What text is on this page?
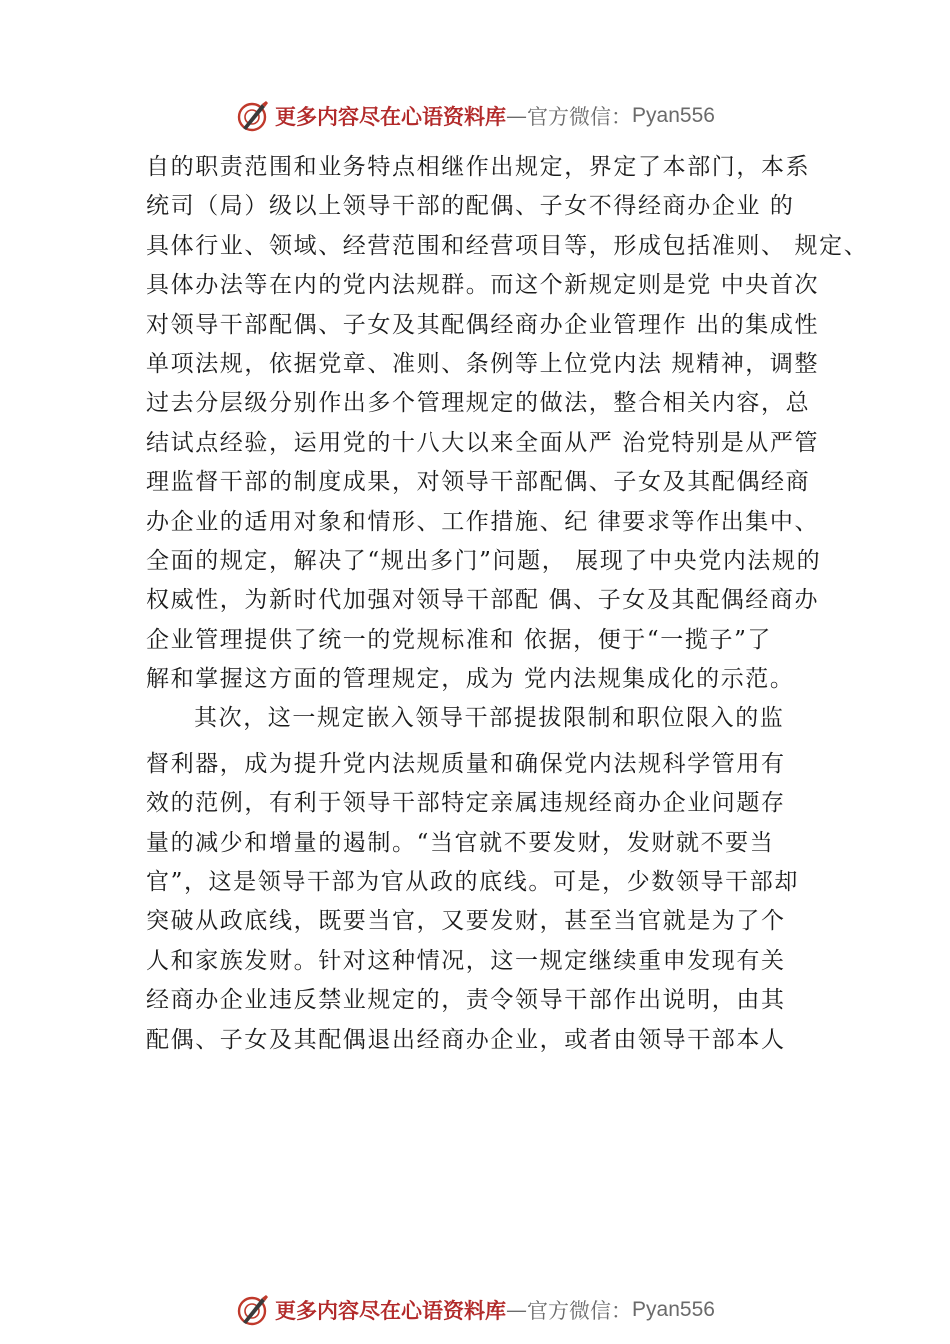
更多内容尽在心语资料库 — 官方微信： Pyan556
自的职责范围和业务特点相继作出规定，界定了本部门，本系
统司（局）级以上领导干部的配偶、子女不得经商办企业 的
具体行业、领域、经营范围和经营项目等，形成包括准则、 规定、
具体办法等在内的党内法规群。而这个新规定则是党 中央首次
对领导干部配偶、子女及其配偶经商办企业管理作 出的集成性
单项法规，依据党章、准则、条例等上位党内法 规精神，调整
过去分层级分别作出多个管理规定的做法，整合相关内容，总
结试点经验，运用党的十八大以来全面从严 治党特别是从严管
理监督干部的制度成果，对领导干部配偶、子女及其配偶经商
办企业的适用对象和情形、工作措施、纪 律要求等作出集中、
全面的规定，解决了“规出多门”问题， 展现了中央党内法规的
权威性，为新时代加强对领导干部配 偶、子女及其配偶经商办
企业管理提供了统一的党规标准和 依据，便于“一揽子”了
解和掌握这方面的管理规定，成为 党内法规集成化的示范。
其次，这一规定嵌入领导干部提拔限制和职位限入的监
督利器，成为提升党内法规质量和确保党内法规科学管用有
效的范例，有利于领导干部特定亲属违规经商办企业问题存
量的减少和增量的遏制。“当官就不要发财，发财就不要当
官”，这是领导干部为官从政的底线。可是，少数领导干部却
突破从政底线，既要当官，又要发财，甚至当官就是为了个
人和家族发财。针对这种情况，这一规定继续重申发现有关
经商办企业违反禁业规定的，责令领导干部作出说明，由其
配偶、子女及其配偶退出经商办企业，或者由领导干部本人
更多内容尽在心语资料库 — 官方微信： Pyan556
